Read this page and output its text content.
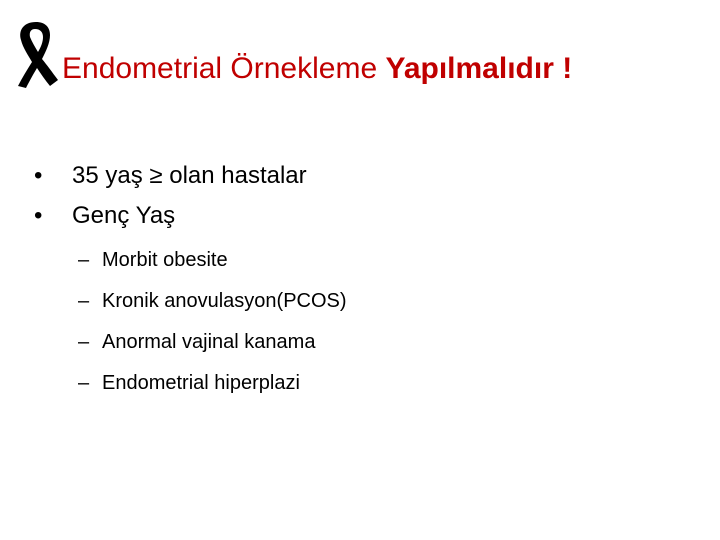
Endometrial Örnekleme Yapılmalıdır !
• 35 yaş ≥ olan hastalar
• Genç Yaş
– Morbit obesite
– Kronik anovulasyon(PCOS)
– Anormal vajinal kanama
– Endometrial hiperplazi
